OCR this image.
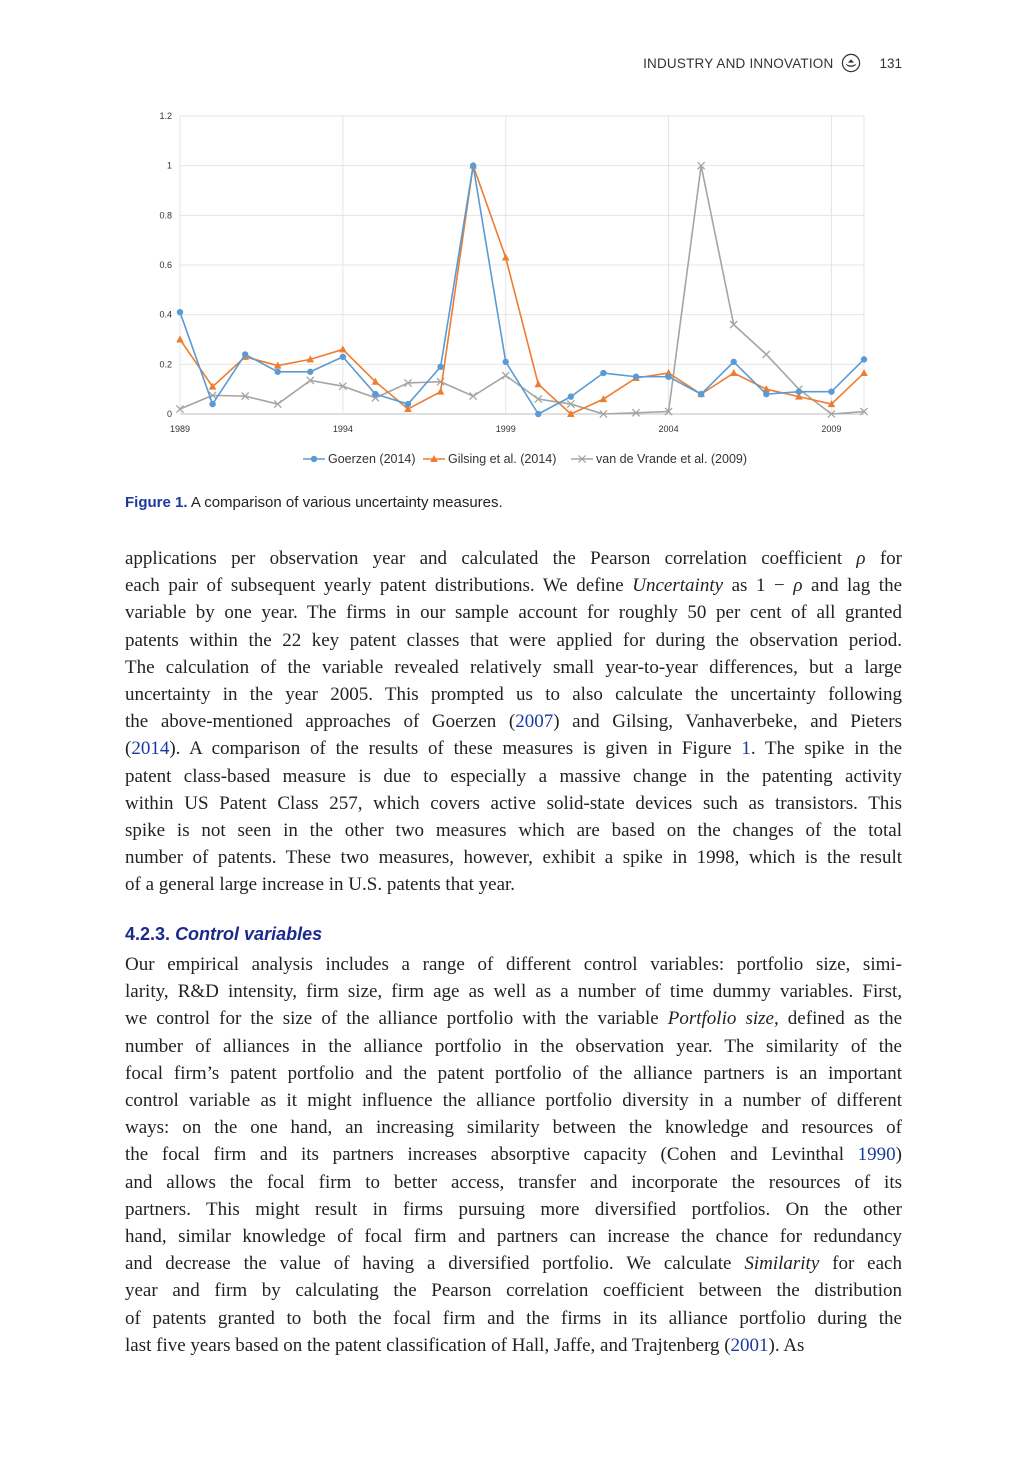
INDUSTRY AND INNOVATION	131
0
0.2
0.4
0.6
0.8
1
1.2
1989	1994	1999	2004	2009
Goerzen (2014)	Gilsing et al. (2014)	van de Vrande et al. (2009)
Figure 1. A comparison of various uncertainty measures.
applications per observation year and calculated the Pearson correlation coefficient ρ for
each pair of subsequent yearly patent distributions. We define Uncertainty as 1 − ρ and lag the
variable by one year. The firms in our sample account for roughly 50 per cent of all granted
patents within the 22 key patent classes that were applied for during the observation period.
The calculation of the variable revealed relatively small year-to-year differences, but a large
uncertainty in the year 2005. This prompted us to also calculate the uncertainty following
the above-mentioned approaches of Goerzen (2007) and Gilsing, Vanhaverbeke, and Pieters
(2014). A comparison of the results of these measures is given in Figure 1. The spike in the
patent class-based measure is due to especially a massive change in the patenting activity
within US Patent Class 257, which covers active solid-state devices such as transistors. This
spike is not seen in the other two measures which are based on the changes of the total
number of patents. These two measures, however, exhibit a spike in 1998, which is the result
of a general large increase in U.S. patents that year.
4.2.3. Control variables
Our empirical analysis includes a range of different control variables: portfolio size, simi-
larity, R&D intensity, firm size, firm age as well as a number of time dummy variables. First,
we control for the size of the alliance portfolio with the variable Portfolio size, defined as the
number of alliances in the alliance portfolio in the observation year. The similarity of the
focal firm’s patent portfolio and the patent portfolio of the alliance partners is an important
control variable as it might influence the alliance portfolio diversity in a number of different
ways: on the one hand, an increasing similarity between the knowledge and resources of
the focal firm and its partners increases absorptive capacity (Cohen and Levinthal 1990)
and allows the focal firm to better access, transfer and incorporate the resources of its
partners. This might result in firms pursuing more diversified portfolios. On the other
hand, similar knowledge of focal firm and partners can increase the chance for redundancy
and decrease the value of having a diversified portfolio. We calculate Similarity for each
year and firm by calculating the Pearson correlation coefficient between the distribution
of patents granted to both the focal firm and the firms in its alliance portfolio during the
last five years based on the patent classification of Hall, Jaffe, and Trajtenberg (2001). As
